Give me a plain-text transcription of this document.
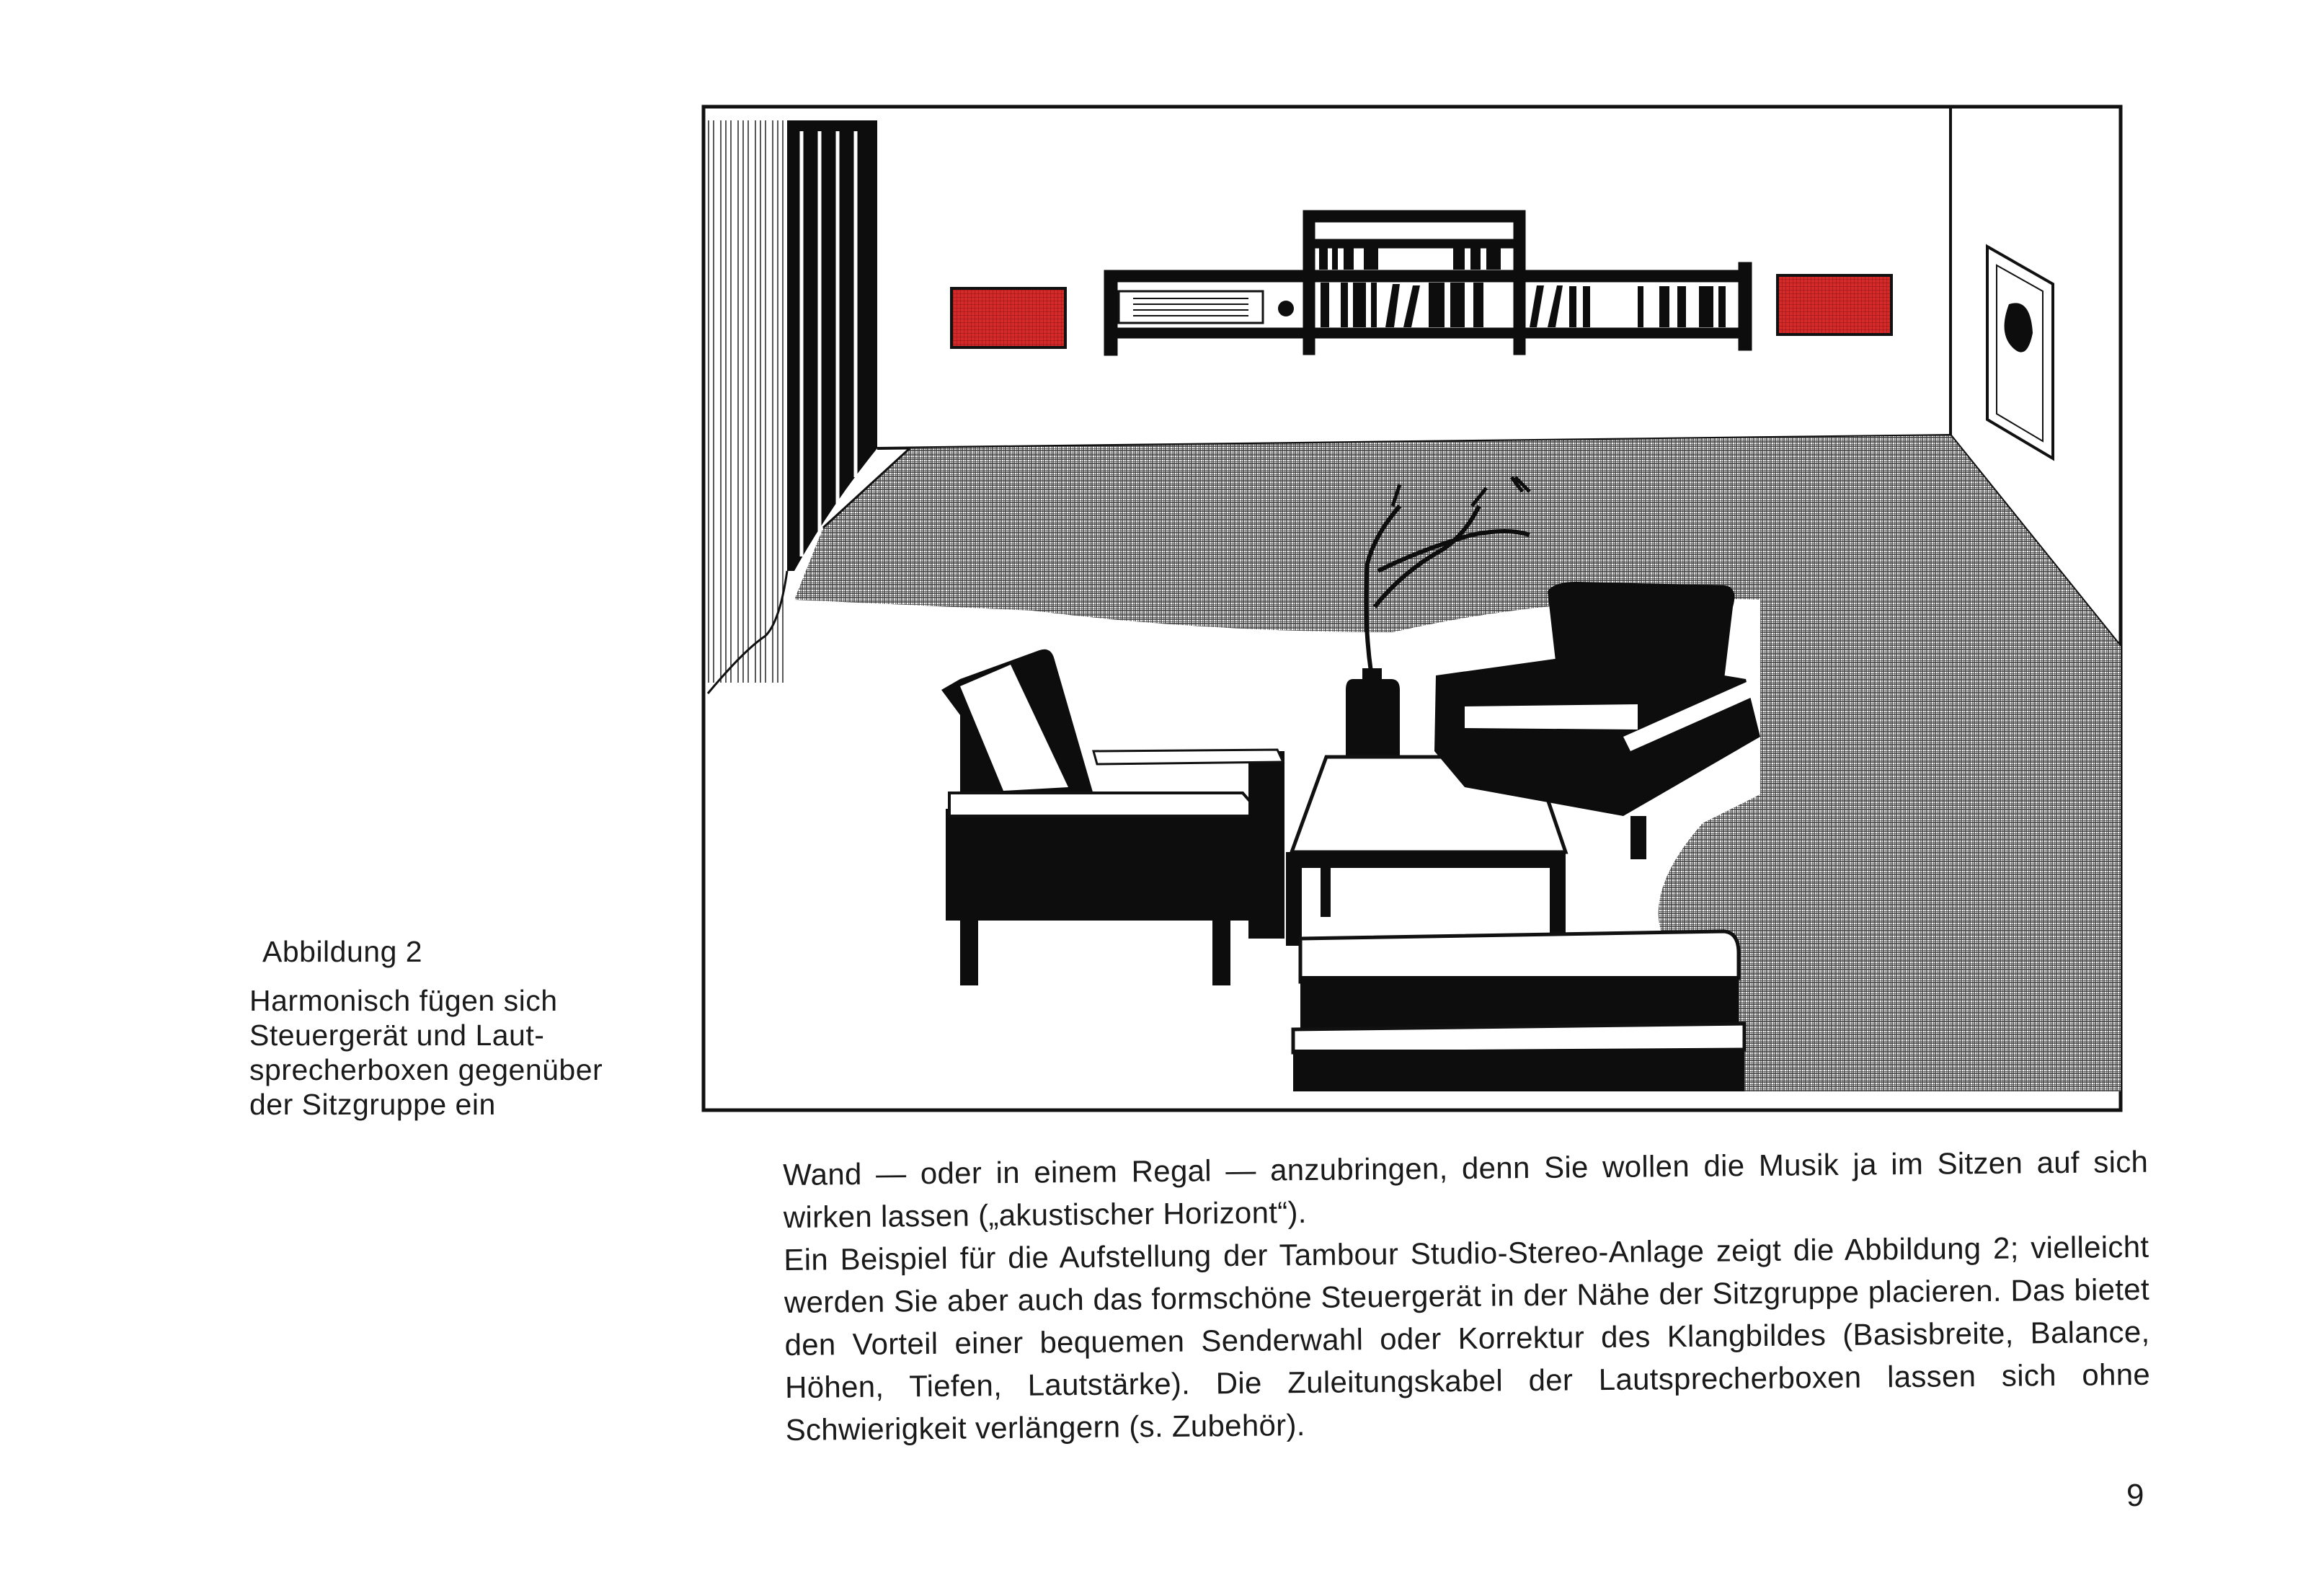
Abbildung 2

Harmonisch fügen sich Steuergerät und Laut-sprecherboxen gegenüber der Sitzgruppe ein

Wand — oder in einem Regal — anzubringen, denn Sie wollen die Musik ja im Sitzen auf sich wirken lassen („akustischer Horizont“).

Ein Beispiel für die Aufstellung der Tambour Studio-Stereo-Anlage zeigt die Abbildung 2; vielleicht werden Sie aber auch das formschöne Steuergerät in der Nähe der Sitzgruppe placieren. Das bietet den Vorteil einer bequemen Senderwahl oder Korrektur des Klangbildes (Basisbreite, Balance, Höhen, Tiefen, Lautstärke). Die Zuleitungskabel der Lautsprecherboxen lassen sich ohne Schwierigkeit verlängern (s. Zubehör).

9
